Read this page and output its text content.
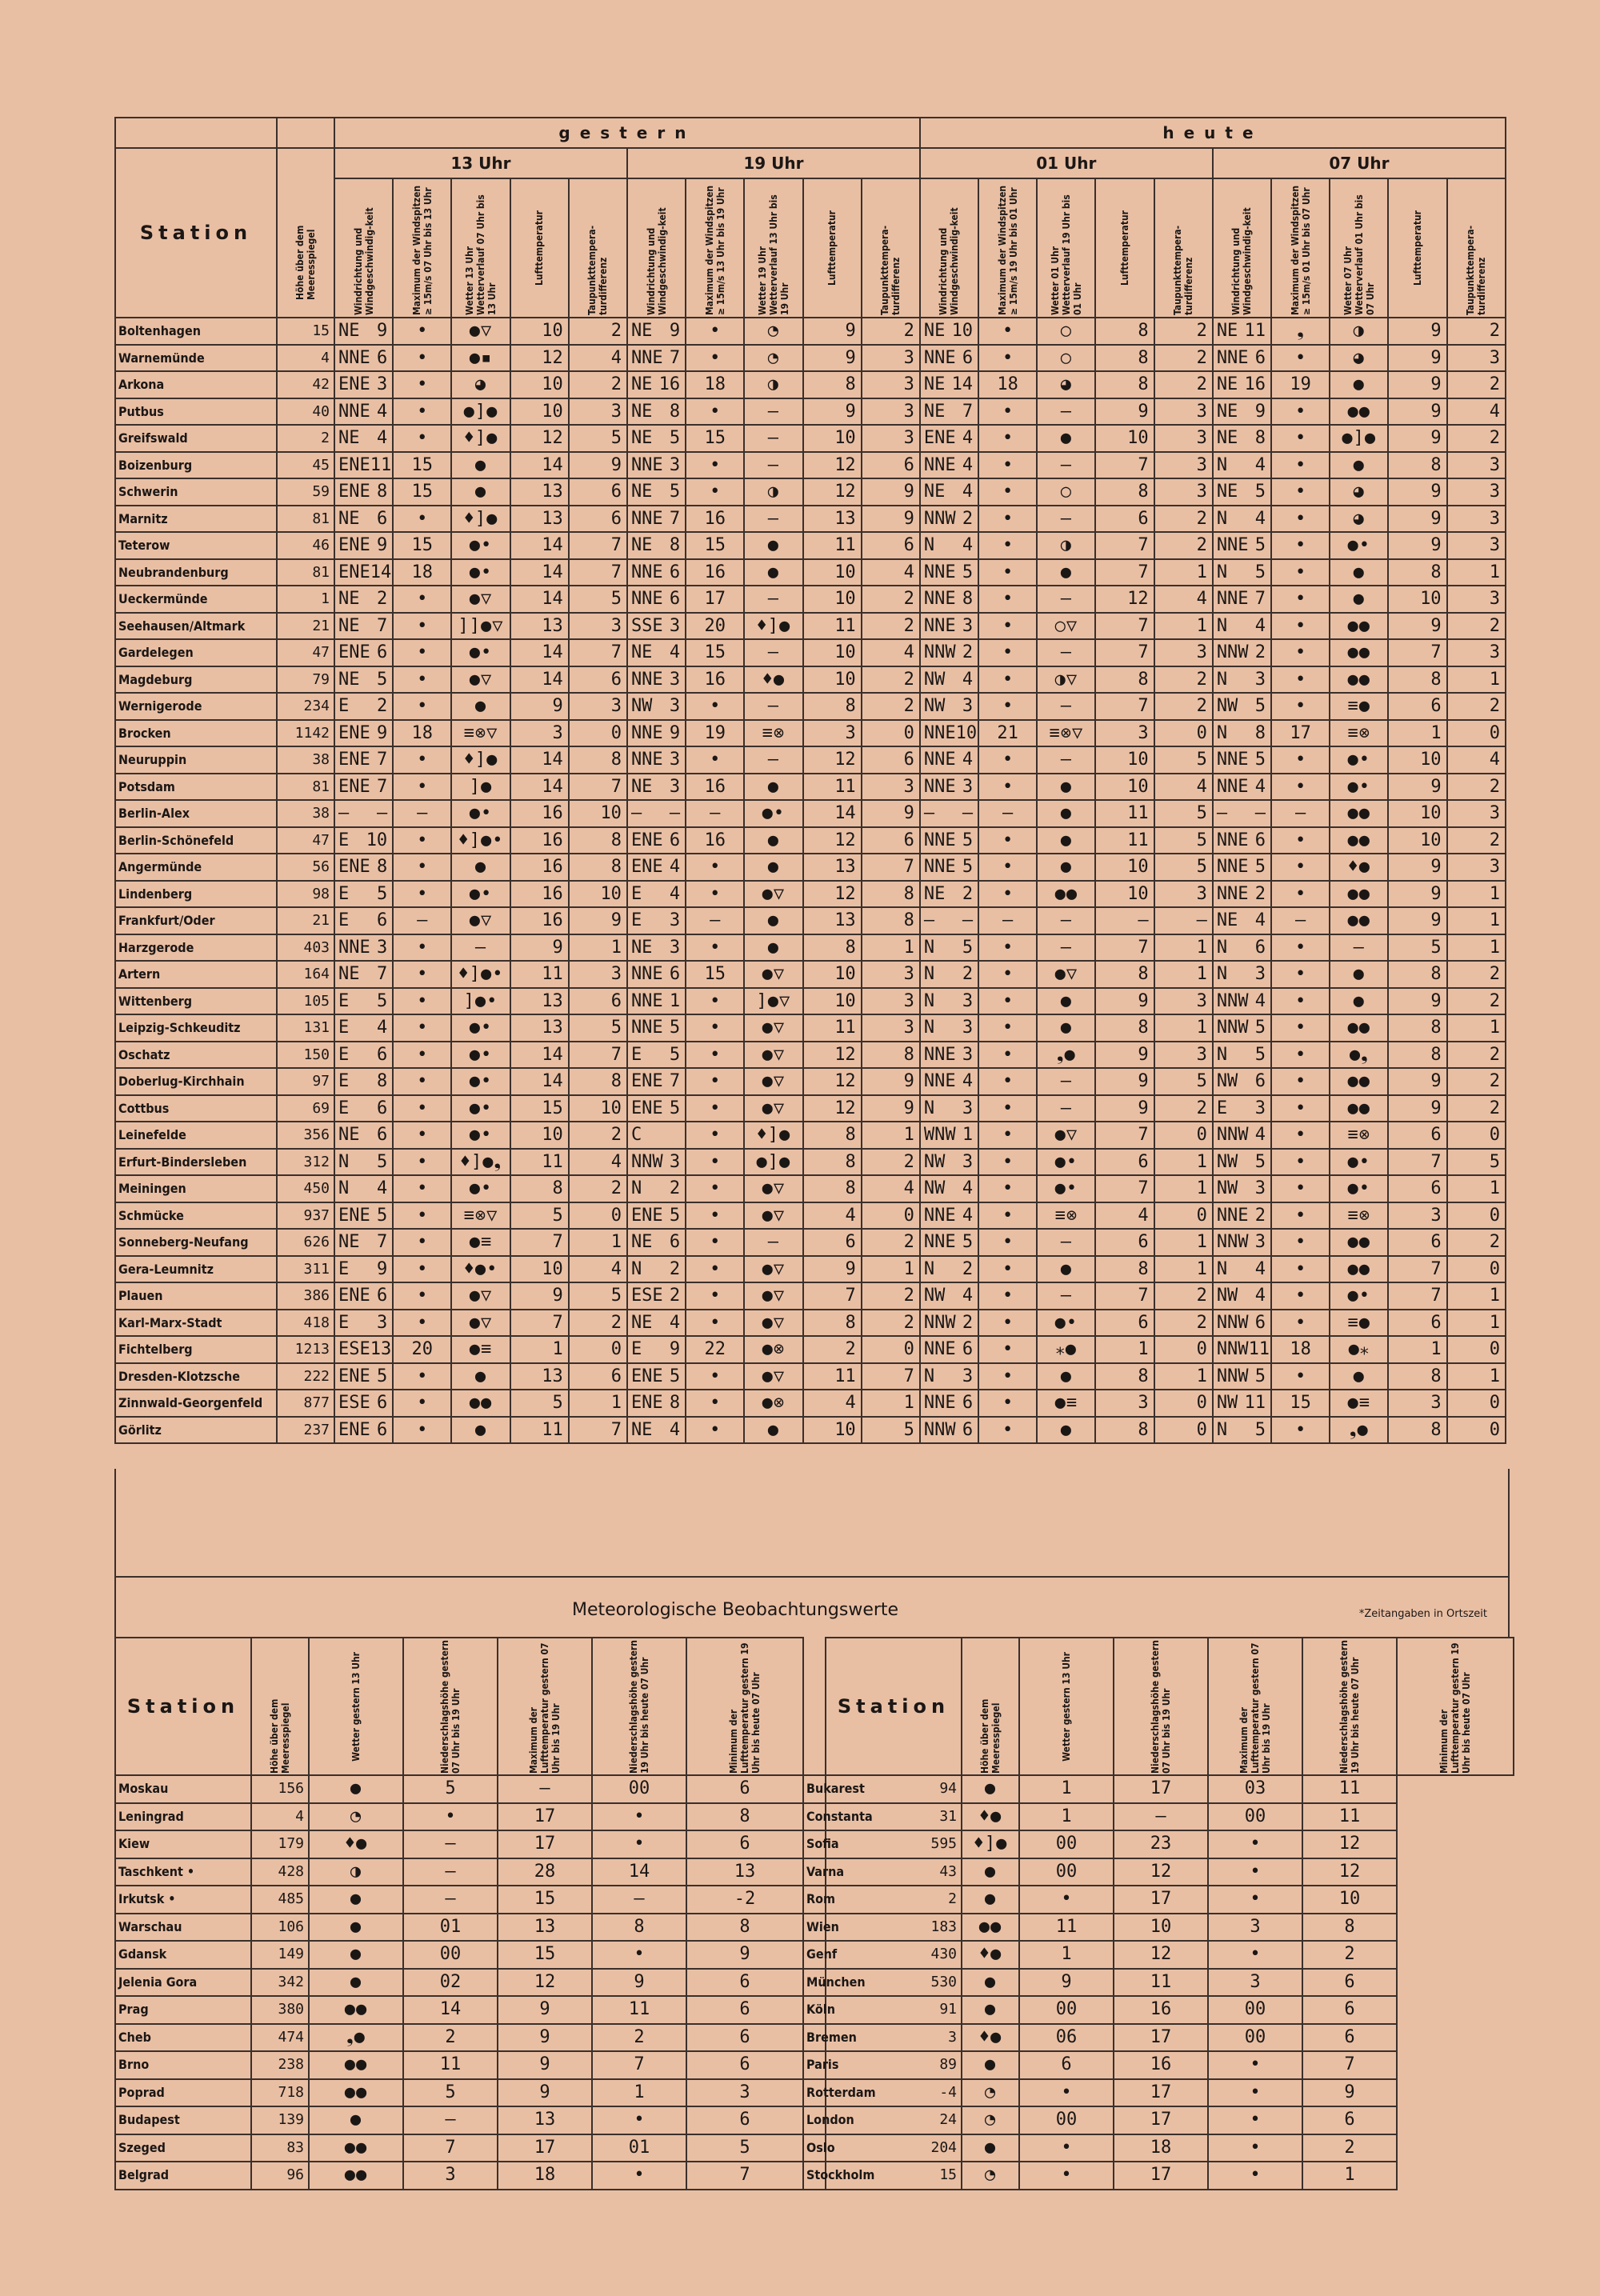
		gestern										heute									
Station	Höhe über dem Meeresspiegel	13 Uhr					19 Uhr					01 Uhr					07 Uhr				

		Windrichtung und Windgeschwindig-keit	Maximum der Windspitzen ≥ 15m/s 07 Uhr bis 13 Uhr	Wetter 13 Uhr Wetterverlauf 07 Uhr bis 13 Uhr	Lufttemperatur	Taupunkttempera-turdifferenz	Windrichtung und Windgeschwindig-keit	Maximum der Windspitzen ≥ 15m/s 13 Uhr bis 19 Uhr	Wetter 19 Uhr Wetterverlauf 13 Uhr bis 19 Uhr	Lufttemperatur	Taupunkttempera-turdifferenz	Windrichtung und Windgeschwindig-keit	Maximum der Windspitzen ≥ 15m/s 19 Uhr bis 01 Uhr	Wetter 01 Uhr Wetterverlauf 19 Uhr bis 01 Uhr	Lufttemperatur	Taupunkttempera-turdifferenz	Windrichtung und Windgeschwindig-keit	Maximum der Windspitzen ≥ 15m/s 01 Uhr bis 07 Uhr	Wetter 07 Uhr Wetterverlauf 01 Uhr bis 07 Uhr	Lufttemperatur	Taupunkttempera-turdifferenz

Boltenhagen	15	NE 9	•	●▽	10	2	NE 9	•	◔	9	2	NE 10	•	○	8	2	NE 11	❟	◑	9	2
Warnemünde	4	NNE 6	•	●▪	12	4	NNE 7	•	◔	9	3	NNE 6	•	○	8	2	NNE 6	•	◕	9	3
Arkona	42	ENE 3	•	◕	10	2	NE 16	18	◑	8	3	NE 14	18	◕	8	2	NE 16	19	●	9	2
Putbus	40	NNE 4	•	●]●	10	3	NE 8	•	–	9	3	NE 7	•	–	9	3	NE 9	•	●●	9	4
Greifswald	2	NE 4	•	♦]●	12	5	NE 5	15	–	10	3	ENE 4	•	●	10	3	NE 8	•	●]●	9	2
Boizenburg	45	ENE 11	15	●	14	9	NNE 3	•	–	12	6	NNE 4	•	–	7	3	N 4	•	●	8	3
Schwerin	59	ENE 8	15	●	13	6	NE 5	•	◑	12	9	NE 4	•	○	8	3	NE 5	•	◕	9	3
Marnitz	81	NE 6	•	♦]●	13	6	NNE 7	16	–	13	9	NNW 2	•	–	6	2	N 4	•	◕	9	3
Teterow	46	ENE 9	15	●•	14	7	NE 8	15	●	11	6	N 4	•	◑	7	2	NNE 5	•	●•	9	3
Neubrandenburg	81	ENE 14	18	●•	14	7	NNE 6	16	●	10	4	NNE 5	•	●	7	1	N 5	•	●	8	1
Ueckermünde	1	NE 2	•	●▽	14	5	NNE 6	17	–	10	2	NNE 8	•	–	12	4	NNE 7	•	●	10	3
Seehausen/Altmark	21	NE 7	•	]]●▽	13	3	SSE 3	20	♦]●	11	2	NNE 3	•	○▽	7	1	N 4	•	●●	9	2
Gardelegen	47	ENE 6	•	●•	14	7	NE 4	15	–	10	4	NNW 2	•	–	7	3	NNW 2	•	●●	7	3
Magdeburg	79	NE 5	•	●▽	14	6	NNE 3	16	♦●	10	2	NW 4	•	◑▽	8	2	N 3	•	●●	8	1
Wernigerode	234	E 2	•	●	9	3	NW 3	•	–	8	2	NW 3	•	–	7	2	NW 5	•	≡●	6	2
Brocken	1142	ENE 9	18	≡⊗▽	3	0	NNE 9	19	≡⊗	3	0	NNE 10	21	≡⊗▽	3	0	N 8	17	≡⊗	1	0
Neuruppin	38	ENE 7	•	♦]●	14	8	NNE 3	•	–	12	6	NNE 4	•	–	10	5	NNE 5	•	●•	10	4
Potsdam	81	ENE 7	•	]●	14	7	NE 3	16	●	11	3	NNE 3	•	●	10	4	NNE 4	•	●•	9	2
Berlin-Alex	38	– –	–	●•	16	10	– –	–	●•	14	9	– –	–	●	11	5	– –	–	●●	10	3
Berlin-Schönefeld	47	E 10	•	♦]●•	16	8	ENE 6	16	●	12	6	NNE 5	•	●	11	5	NNE 6	•	●●	10	2
Angermünde	56	ENE 8	•	●	16	8	ENE 4	•	●	13	7	NNE 5	•	●	10	5	NNE 5	•	♦●	9	3
Lindenberg	98	E 5	•	●•	16	10	E 4	•	●▽	12	8	NE 2	•	●●	10	3	NNE 2	•	●●	9	1
Frankfurt/Oder	21	E 6	–	●▽	16	9	E 3	–	●	13	8	– –	–	–	–	–	NE 4	–	●●	9	1
Harzgerode	403	NNE 3	•	–	9	1	NE 3	•	●	8	1	N 5	•	–	7	1	N 6	•	–	5	1
Artern	164	NE 7	•	♦]●•	11	3	NNE 6	15	●▽	10	3	N 2	•	●▽	8	1	N 3	•	●	8	2
Wittenberg	105	E 5	•	]●•	13	6	NNE 1	•	]●▽	10	3	N 3	•	●	9	3	NNW 4	•	●	9	2
Leipzig-Schkeuditz	131	E 4	•	●•	13	5	NNE 5	•	●▽	11	3	N 3	•	●	8	1	NNW 5	•	●●	8	1
Oschatz	150	E 6	•	●•	14	7	E 5	•	●▽	12	8	NNE 3	•	❟●	9	3	N 5	•	●❟	8	2
Doberlug-Kirchhain	97	E 8	•	●•	14	8	ENE 7	•	●▽	12	9	NNE 4	•	–	9	5	NW 6	•	●●	9	2
Cottbus	69	E 6	•	●•	15	10	ENE 5	•	●▽	12	9	N 3	•	–	9	2	E 3	•	●●	9	2
Leinefelde	356	NE 6	•	●•	10	2	C	•	♦]●	8	1	WNW 1	•	●▽	7	0	NNW 4	•	≡⊗	6	0
Erfurt-Bindersleben	312	N 5	•	♦]●❟	11	4	NNW 3	•	●]●	8	2	NW 3	•	●•	6	1	NW 5	•	●•	7	5
Meiningen	450	N 4	•	●•	8	2	N 2	•	●▽	8	4	NW 4	•	●•	7	1	NW 3	•	●•	6	1
Schmücke	937	ENE 5	•	≡⊗▽	5	0	ENE 5	•	●▽	4	0	NNE 4	•	≡⊗	4	0	NNE 2	•	≡⊗	3	0
Sonneberg-Neufang	626	NE 7	•	●≡	7	1	NE 6	•	–	6	2	NNE 5	•	–	6	1	NNW 3	•	●●	6	2
Gera-Leumnitz	311	E 9	•	♦●•	10	4	N 2	•	●▽	9	1	N 2	•	●	8	1	N 4	•	●●	7	0
Plauen	386	ENE 6	•	●▽	9	5	ESE 2	•	●▽	7	2	NW 4	•	–	7	2	NW 4	•	●•	7	1
Karl-Marx-Stadt	418	E 3	•	●▽	7	2	NE 4	•	●▽	8	2	NNW 2	•	●•	6	2	NNW 6	•	≡●	6	1
Fichtelberg	1213	ESE 13	20	●≡	1	0	E 9	22	●⊗	2	0	NNE 6	•	⁎●	1	0	NNW 11	18	●⁎	1	0
Dresden-Klotzsche	222	ENE 5	•	●	13	6	ENE 5	•	●▽	11	7	N 3	•	●	8	1	NNW 5	•	●	8	1
Zinnwald-Georgenfeld	877	ESE 6	•	●●	5	1	ENE 8	•	●⊗	4	1	NNE 6	•	●≡	3	0	NW 11	15	●≡	3	0
Görlitz	237	ENE 6	•	●	11	7	NE 4	•	●	10	5	NNW 6	•	●	8	0	N 5	•	❟●	8	0
Meteorologische Beobachtungswerte	*Zeitangaben in Ortszeit
Station	Höhe über dem Meeresspiegel	Wetter gestern 13 Uhr	Niederschlagshöhe gestern 07 Uhr bis 19 Uhr	Maximum der Lufttemperatur gestern 07 Uhr bis 19 Uhr	Niederschlagshöhe gestern 19 Uhr bis heute 07 Uhr	Minimum der Lufttemperatur gestern 19 Uhr bis heute 07 Uhr		Station	Höhe über dem Meeresspiegel	Wetter gestern 13 Uhr	Niederschlagshöhe gestern 07 Uhr bis 19 Uhr	Maximum der Lufttemperatur gestern 07 Uhr bis 19 Uhr	Niederschlagshöhe gestern 19 Uhr bis heute 07 Uhr	Minimum der Lufttemperatur gestern 19 Uhr bis heute 07 Uhr

Moskau	156	●	5	–	00	6	Bukarest	94	●	1	17	03	11	
Leningrad	4	◔	•	17	•	8	Constanta	31	♦●	1	–	00	11	
Kiew	179	♦●	–	17	•	6	Sofia	595	♦]●	00	23	•	12	
Taschkent •	428	◑	–	28	14	13	Varna	43	●	00	12	•	12	
Irkutsk •	485	●	–	15	–	-2	Rom	2	●	•	17	•	10	
Warschau	106	●	01	13	8	8	Wien	183	●●	11	10	3	8	
Gdansk	149	●	00	15	•	9	Genf	430	♦●	1	12	•	2	
Jelenia Gora	342	●	02	12	9	6	München	530	●	9	11	3	6	
Prag	380	●●	14	9	11	6	Köln	91	●	00	16	00	6	
Cheb	474	❟●	2	9	2	6	Bremen	3	♦●	06	17	00	6	
Brno	238	●●	11	9	7	6	Paris	89	●	6	16	•	7	
Poprad	718	●●	5	9	1	3	Rotterdam	-4	◔	•	17	•	9	
Budapest	139	●	–	13	•	6	London	24	◔	00	17	•	6	
Szeged	83	●●	7	17	01	5	Oslo	204	●	•	18	•	2	
Belgrad	96	●●	3	18	•	7	Stockholm	15	◔	•	17	•	1	
